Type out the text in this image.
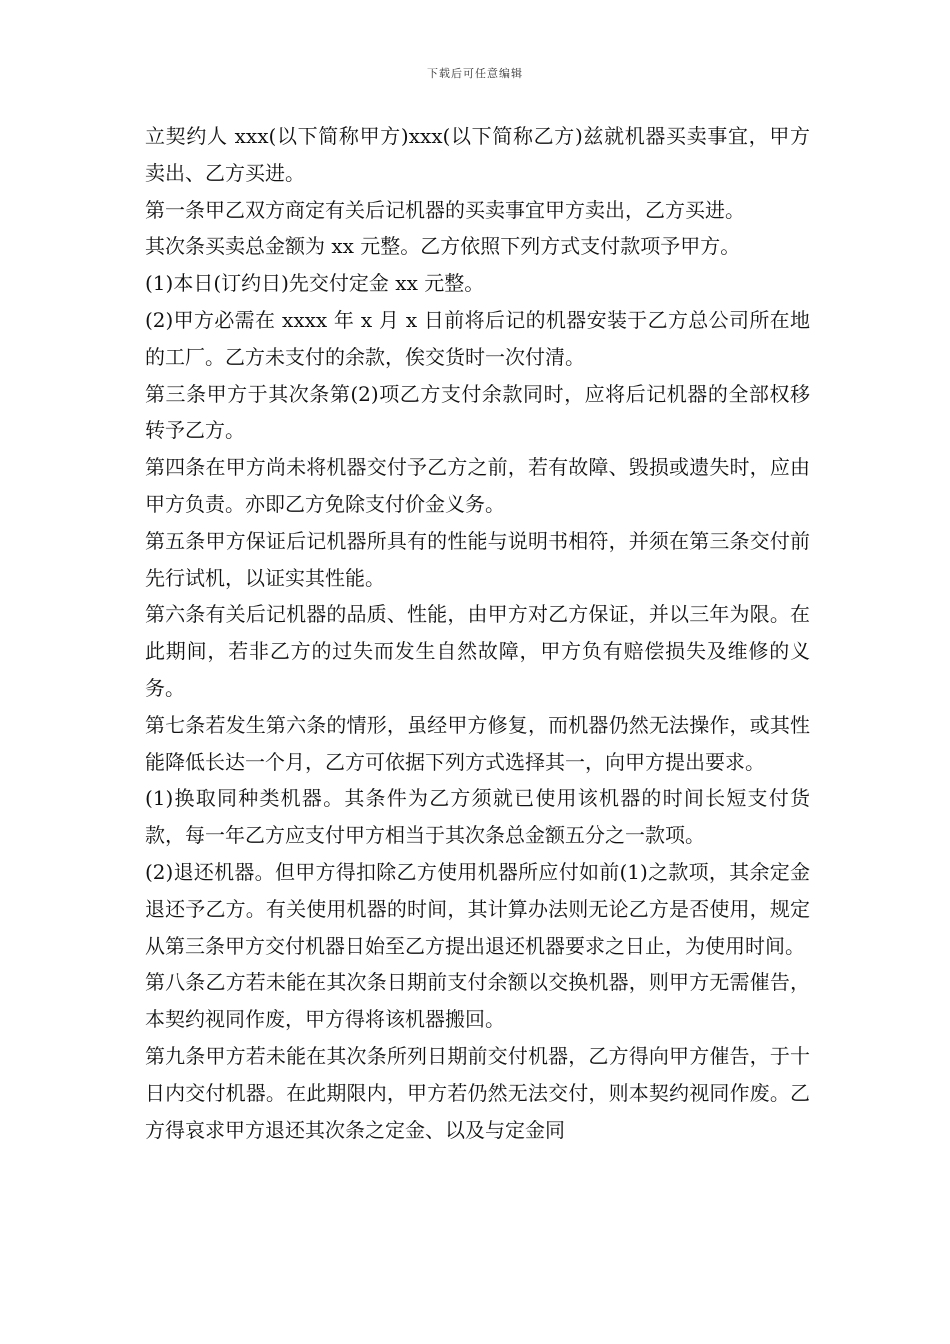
下载后可任意编辑

立契约人 xxx(以下简称甲方)xxx(以下简称乙方)兹就机器买卖事宜，甲方卖出、乙方买进。

第一条甲乙双方商定有关后记机器的买卖事宜甲方卖出，乙方买进。

其次条买卖总金额为 xx 元整。乙方依照下列方式支付款项予甲方。

(1)本日(订约日)先交付定金 xx 元整。

(2)甲方必需在 xxxx 年 x 月 x 日前将后记的机器安装于乙方总公司所在地的工厂。乙方未支付的余款，俟交货时一次付清。

第三条甲方于其次条第(2)项乙方支付余款同时，应将后记机器的全部权移转予乙方。

第四条在甲方尚未将机器交付予乙方之前，若有故障、毁损或遗失时，应由甲方负责。亦即乙方免除支付价金义务。

第五条甲方保证后记机器所具有的性能与说明书相符，并须在第三条交付前先行试机，以证实其性能。

第六条有关后记机器的品质、性能，由甲方对乙方保证，并以三年为限。在此期间，若非乙方的过失而发生自然故障，甲方负有赔偿损失及维修的义务。

第七条若发生第六条的情形，虽经甲方修复，而机器仍然无法操作，或其性能降低长达一个月，乙方可依据下列方式选择其一，向甲方提出要求。

(1)换取同种类机器。其条件为乙方须就已使用该机器的时间长短支付货款，每一年乙方应支付甲方相当于其次条总金额五分之一款项。

(2)退还机器。但甲方得扣除乙方使用机器所应付如前(1)之款项，其余定金退还予乙方。有关使用机器的时间，其计算办法则无论乙方是否使用，规定从第三条甲方交付机器日始至乙方提出退还机器要求之日止，为使用时间。

第八条乙方若未能在其次条日期前支付余额以交换机器，则甲方无需催告，本契约视同作废，甲方得将该机器搬回。

第九条甲方若未能在其次条所列日期前交付机器，乙方得向甲方催告，于十日内交付机器。在此期限内，甲方若仍然无法交付，则本契约视同作废。乙方得哀求甲方退还其次条之定金、以及与定金同
